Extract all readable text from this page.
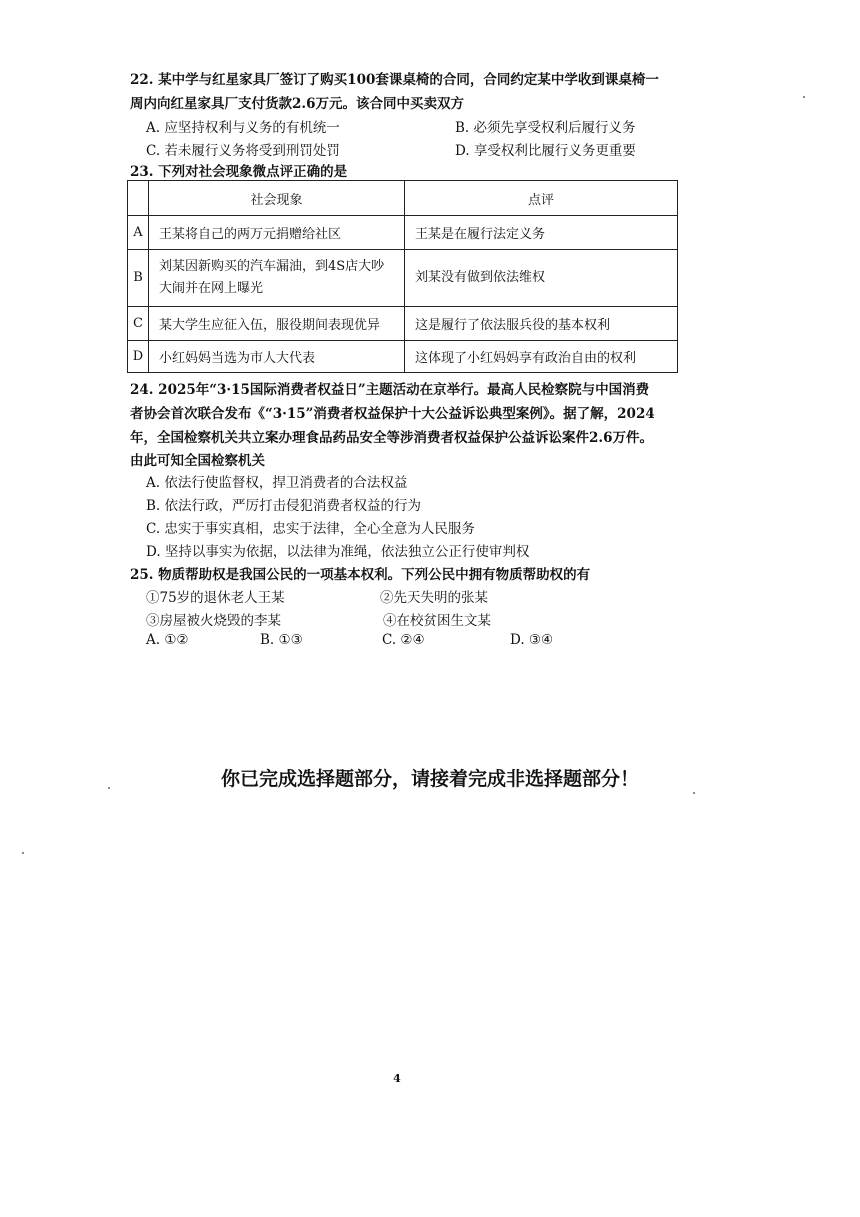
22. 某中学与红星家具厂签订了购买100套课桌椅的合同，合同约定某中学收到课桌椅一
周内向红星家具厂支付货款2.6万元。该合同中买卖双方
A. 应坚持权利与义务的有机统一	B. 必须先享受权利后履行义务
C. 若未履行义务将受到刑罚处罚	D. 享受权利比履行义务更重要
23. 下列对社会现象微点评正确的是
	社会现象	点评
A	王某将自己的两万元捐赠给社区	王某是在履行法定义务
B	刘某因新购买的汽车漏油，到4S店大吵
大闹并在网上曝光	刘某没有做到依法维权
C	某大学生应征入伍，服役期间表现优异	这是履行了依法服兵役的基本权利
D	小红妈妈当选为市人大代表	这体现了小红妈妈享有政治自由的权利
24. 2025年“3·15国际消费者权益日”主题活动在京举行。最高人民检察院与中国消费
者协会首次联合发布《“3·15”消费者权益保护十大公益诉讼典型案例》。据了解，2024
年，全国检察机关共立案办理食品药品安全等涉消费者权益保护公益诉讼案件2.6万件。
由此可知全国检察机关
A. 依法行使监督权，捍卫消费者的合法权益
B. 依法行政，严厉打击侵犯消费者权益的行为
C. 忠实于事实真相，忠实于法律，全心全意为人民服务
D. 坚持以事实为依据，以法律为准绳，依法独立公正行使审判权
25. 物质帮助权是我国公民的一项基本权利。下列公民中拥有物质帮助权的有
①75岁的退休老人王某	②先天失明的张某
③房屋被火烧毁的李某	④在校贫困生文某
A. ①②	B. ①③	C. ②④	D. ③④
你已完成选择题部分，请接着完成非选择题部分！
4
